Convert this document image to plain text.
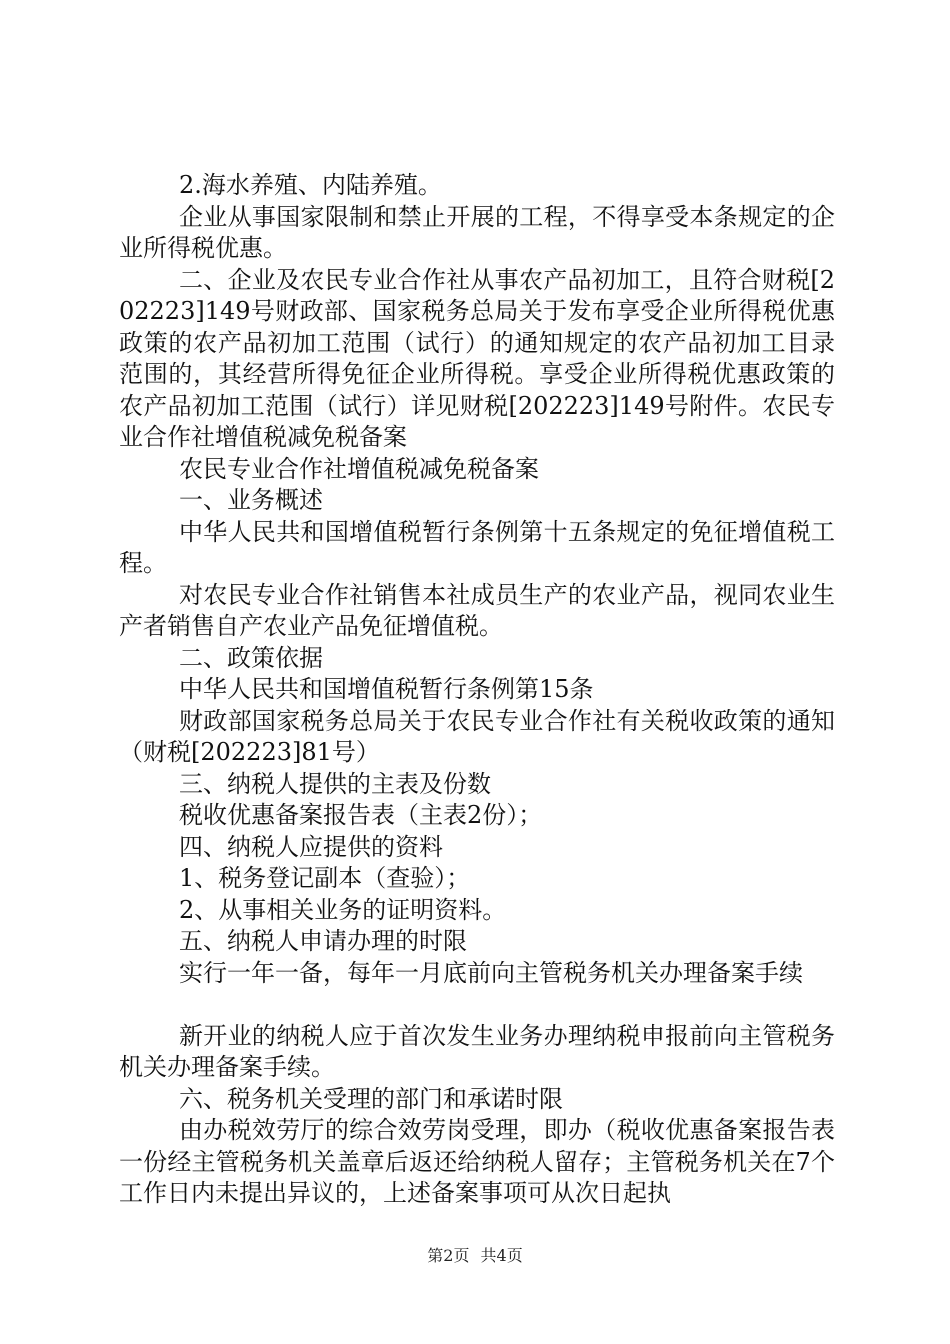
2.海水养殖、内陆养殖。

企业从事国家限制和禁止开展的工程，不得享受本条规定的企业所得税优惠。

二、企业及农民专业合作社从事农产品初加工，且符合财税[202223]149号财政部、国家税务总局关于发布享受企业所得税优惠政策的农产品初加工范围（试行）的通知规定的农产品初加工目录范围的，其经营所得免征企业所得税。享受企业所得税优惠政策的农产品初加工范围（试行）详见财税[202223]149号附件。农民专业合作社增值税减免税备案

农民专业合作社增值税减免税备案

一、业务概述

中华人民共和国增值税暂行条例第十五条规定的免征增值税工程。

对农民专业合作社销售本社成员生产的农业产品，视同农业生产者销售自产农业产品免征增值税。

二、政策依据

中华人民共和国增值税暂行条例第15条

财政部国家税务总局关于农民专业合作社有关税收政策的通知（财税[202223]81号）

三、纳税人提供的主表及份数

税收优惠备案报告表（主表2份）；

四、纳税人应提供的资料

1、税务登记副本（查验）；

2、从事相关业务的证明资料。

五、纳税人申请办理的时限

实行一年一备，每年一月底前向主管税务机关办理备案手续

新开业的纳税人应于首次发生业务办理纳税申报前向主管税务机关办理备案手续。

六、税务机关受理的部门和承诺时限

由办税效劳厅的综合效劳岗受理，即办（税收优惠备案报告表一份经主管税务机关盖章后返还给纳税人留存；主管税务机关在7个工作日内未提出异议的，上述备案事项可从次日起执

第2页 共4页
